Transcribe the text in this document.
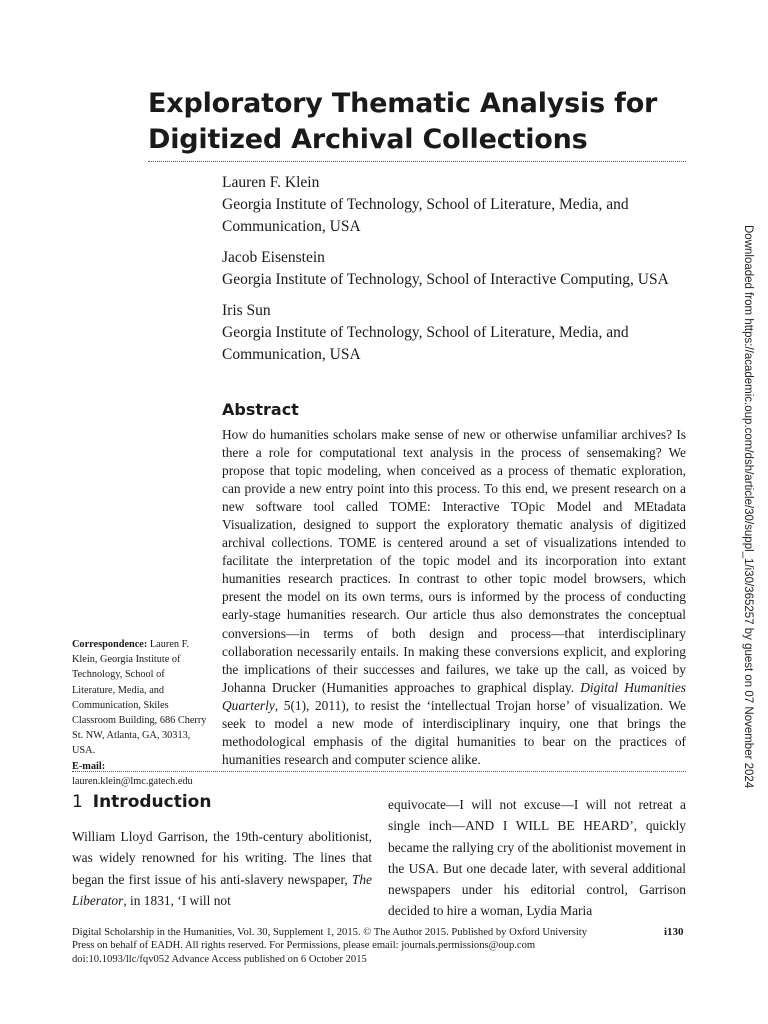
Exploratory Thematic Analysis for Digitized Archival Collections
Lauren F. Klein
Georgia Institute of Technology, School of Literature, Media, and Communication, USA
Jacob Eisenstein
Georgia Institute of Technology, School of Interactive Computing, USA
Iris Sun
Georgia Institute of Technology, School of Literature, Media, and Communication, USA
Abstract

How do humanities scholars make sense of new or otherwise unfamiliar archives? Is there a role for computational text analysis in the process of sensemaking? We propose that topic modeling, when conceived as a process of thematic exploration, can provide a new entry point into this process. To this end, we present research on a new software tool called TOME: Interactive TOpic Model and MEtadata Visualization, designed to support the exploratory thematic analysis of digitized archival collections. TOME is centered around a set of visualizations intended to facilitate the interpretation of the topic model and its incorporation into extant humanities research practices. In contrast to other topic model browsers, which present the model on its own terms, ours is informed by the process of conducting early-stage humanities research. Our article thus also demonstrates the conceptual conversions—in terms of both design and process—that interdisciplinary collaboration necessarily entails. In making these conversions explicit, and exploring the implications of their successes and failures, we take up the call, as voiced by Johanna Drucker (Humanities approaches to graphical display. Digital Humanities Quarterly, 5(1), 2011), to resist the ‘intellectual Trojan horse’ of visualization. We seek to model a new mode of interdisciplinary inquiry, one that brings the methodological emphasis of the digital humanities to bear on the practices of humanities research and computer science alike.

Correspondence: Lauren F. Klein, Georgia Institute of Technology, School of Literature, Media, and Communication, Skiles Classroom Building, 686 Cherry St. NW, Atlanta, GA, 30313, USA.
E-mail:
lauren.klein@lmc.gatech.edu

1 Introduction

William Lloyd Garrison, the 19th-century abolitionist, was widely renowned for his writing. The lines that began the first issue of his anti-slavery newspaper, The Liberator, in 1831, ‘I will not

equivocate—I will not excuse—I will not retreat a single inch—AND I WILL BE HEARD’, quickly became the rallying cry of the abolitionist movement in the USA. But one decade later, with several additional newspapers under his editorial control, Garrison decided to hire a woman, Lydia Maria

Digital Scholarship in the Humanities, Vol. 30, Supplement 1, 2015. © The Author 2015. Published by Oxford University
Press on behalf of EADH. All rights reserved. For Permissions, please email: journals.permissions@oup.com
doi:10.1093/llc/fqv052 Advance Access published on 6 October 2015

i130

Downloaded from https://academic.oup.com/dsh/article/30/suppl_1/i30/365257 by guest on 07 November 2024
